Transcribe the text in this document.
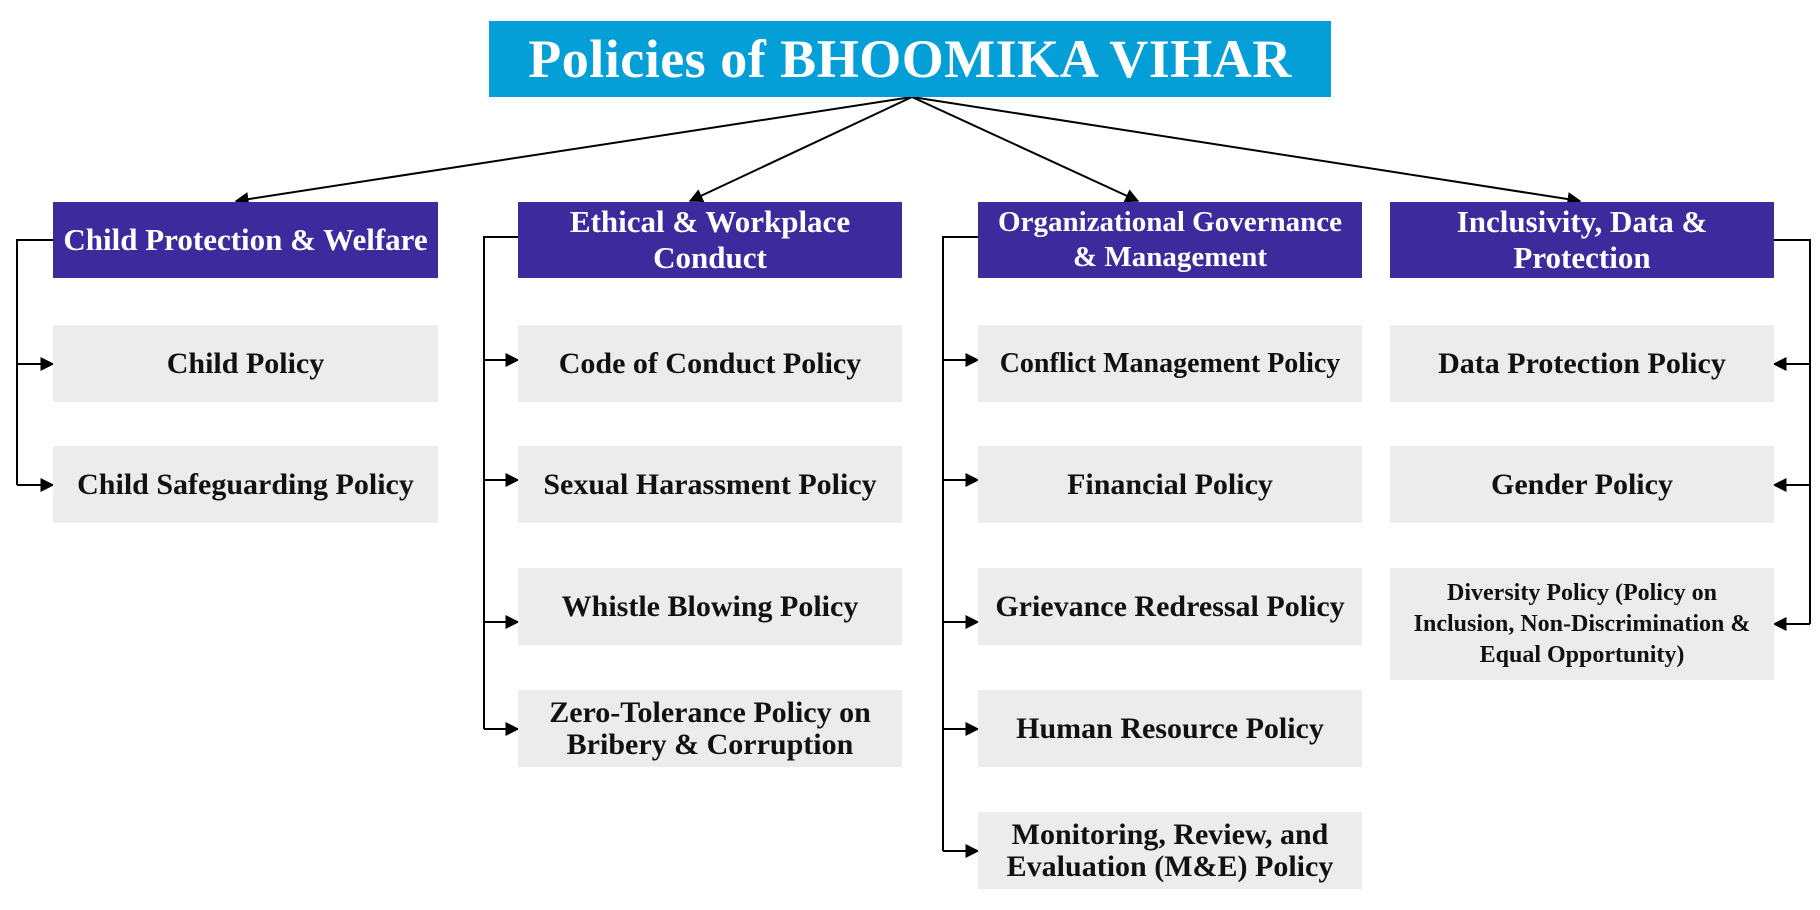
Policies of BHOOMIKA VIHAR
Child Protection & Welfare
Ethical & Workplace Conduct
Organizational Governance & Management
Inclusivity, Data & Protection
Child Policy
Child Safeguarding Policy
Code of Conduct Policy
Sexual Harassment Policy
Whistle Blowing Policy
Zero-Tolerance Policy on Bribery & Corruption
Conflict Management Policy
Financial Policy
Grievance Redressal Policy
Human Resource Policy
Monitoring, Review, and Evaluation (M&E) Policy
Data Protection Policy
Gender Policy
Diversity Policy (Policy on Inclusion, Non-Discrimination & Equal Opportunity)
